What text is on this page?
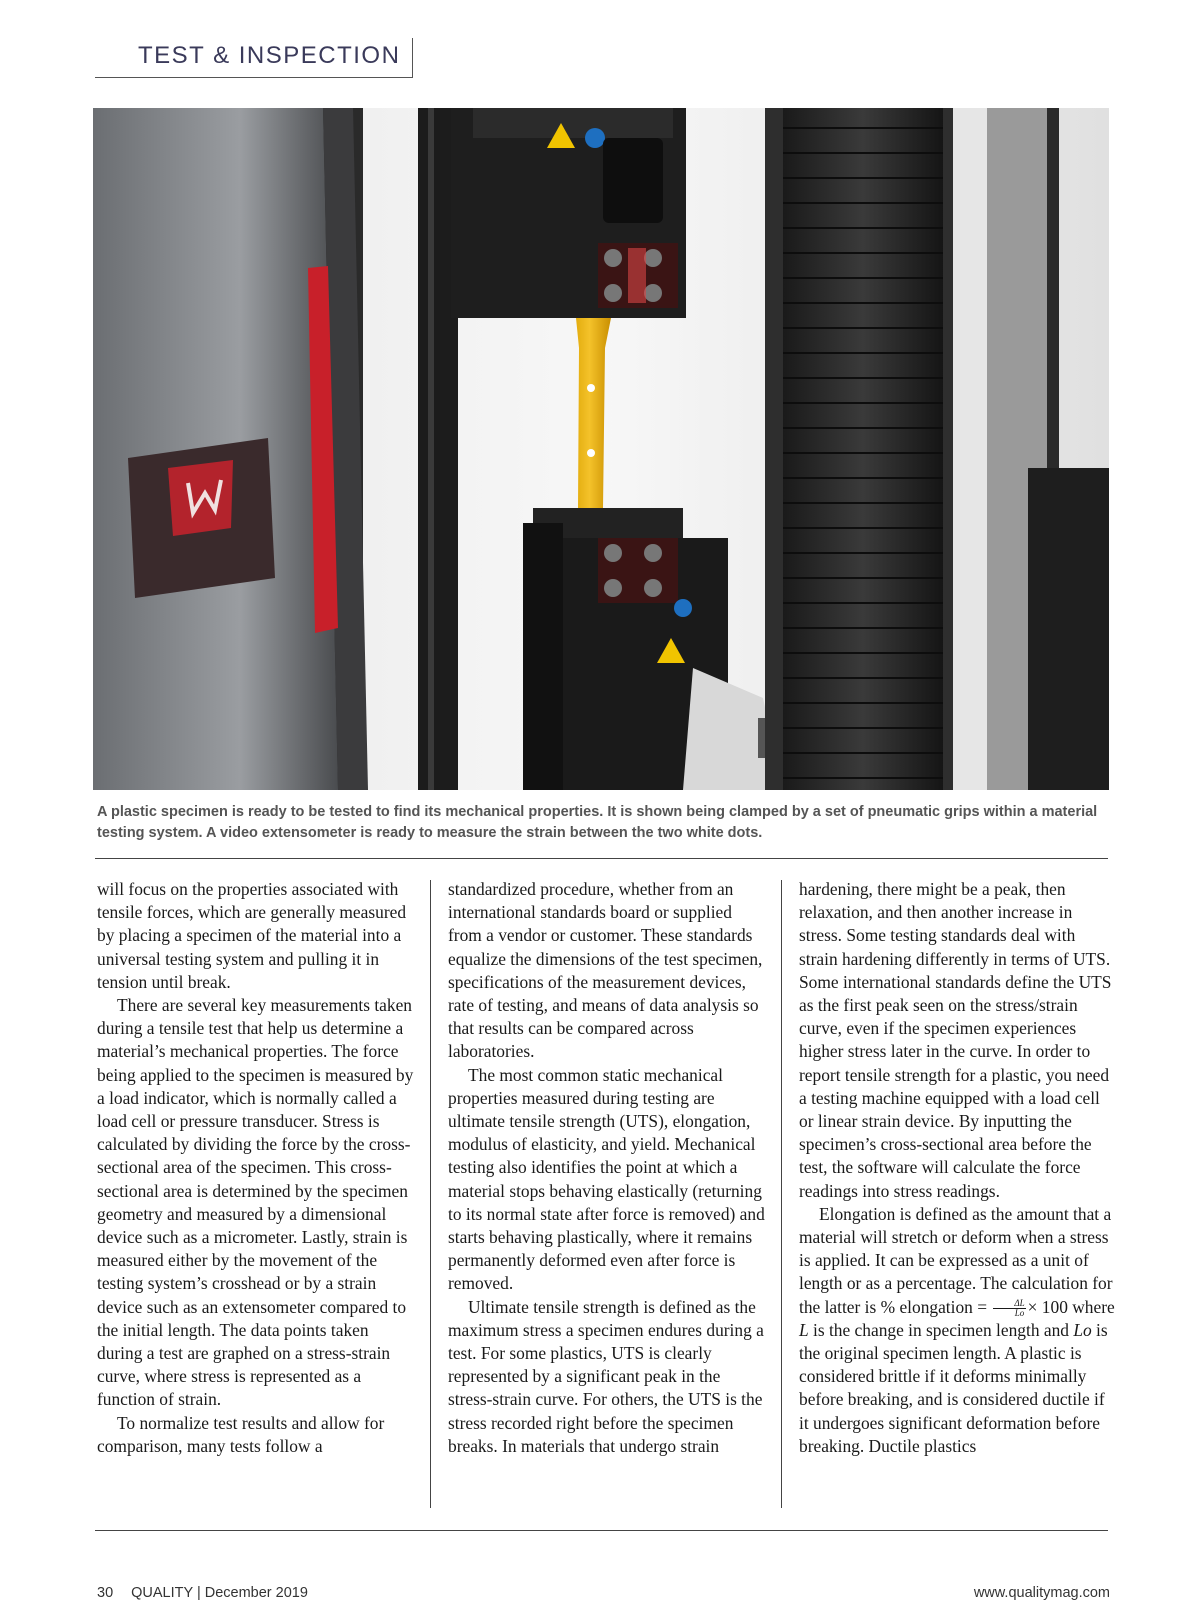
TEST & INSPECTION
A plastic specimen is ready to be tested to find its mechanical properties. It is shown being clamped by a set of pneumatic grips within a material testing system. A video extensometer is ready to measure the strain between the two white dots.

will focus on the properties associated with tensile forces, which are generally measured by placing a specimen of the material into a universal testing system and pulling it in tension until break.

There are several key measurements taken during a tensile test that help us determine a material’s mechanical properties. The force being applied to the specimen is measured by a load indicator, which is normally called a load cell or pressure transducer. Stress is calculated by dividing the force by the cross-sectional area of the specimen. This cross-sectional area is determined by the specimen geometry and measured by a dimensional device such as a micrometer. Lastly, strain is measured either by the movement of the testing system’s crosshead or by a strain device such as an extensometer compared to the initial length. The data points taken during a test are graphed on a stress-strain curve, where stress is represented as a function of strain.

To normalize test results and allow for comparison, many tests follow a

standardized procedure, whether from an international standards board or supplied from a vendor or customer. These standards equalize the dimensions of the test specimen, specifications of the measurement devices, rate of testing, and means of data analysis so that results can be compared across laboratories.

The most common static mechanical properties measured during testing are ultimate tensile strength (UTS), elongation, modulus of elasticity, and yield. Mechanical testing also identifies the point at which a material stops behaving elastically (returning to its normal state after force is removed) and starts behaving plastically, where it remains permanently deformed even after force is removed.

Ultimate tensile strength is defined as the maximum stress a specimen endures during a test. For some plastics, UTS is clearly represented by a significant peak in the stress-strain curve. For others, the UTS is the stress recorded right before the specimen breaks. In materials that undergo strain

hardening, there might be a peak, then relaxation, and then another increase in stress. Some testing standards deal with strain hardening differently in terms of UTS. Some international standards define the UTS as the first peak seen on the stress/strain curve, even if the specimen experiences higher stress later in the curve. In order to report tensile strength for a plastic, you need a testing machine equipped with a load cell or linear strain device. By inputting the specimen’s cross-sectional area before the test, the software will calculate the force readings into stress readings.

Elongation is defined as the amount that a material will stretch or deform when a stress is applied. It can be expressed as a unit of length or as a percentage. The calculation for the latter is % elongation = $\frac{\Delta L}{Lo} \times 100$ where L is the change in specimen length and Lo is the original specimen length. A plastic is considered brittle if it deforms minimally before breaking, and is considered ductile if it undergoes significant deformation before breaking. Ductile plastics

30 QUALITY | December 2019	www.qualitymag.com
